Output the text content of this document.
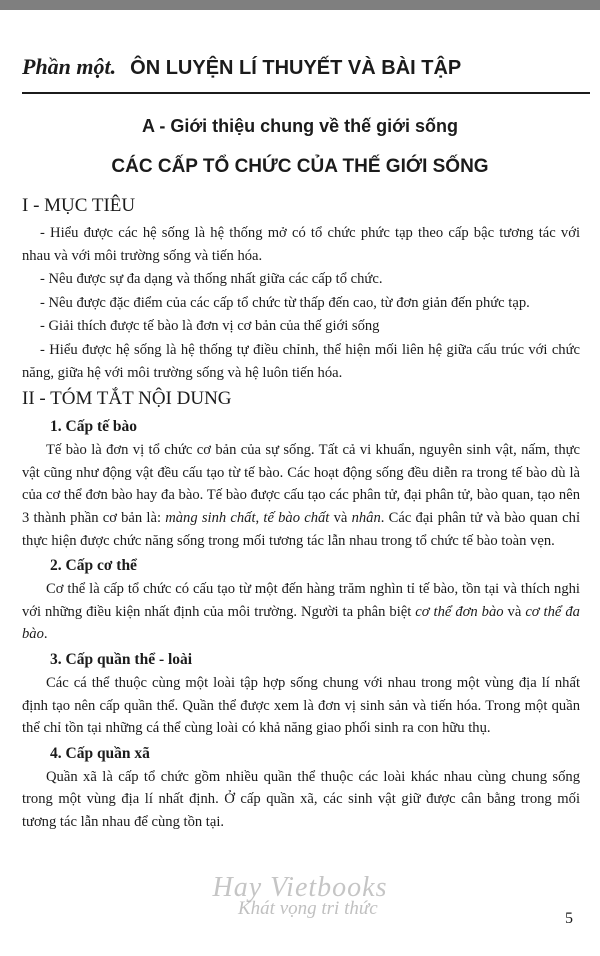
Phần một. ÔN LUYỆN LÍ THUYẾT VÀ BÀI TẬP
A - Giới thiệu chung về thế giới sống
CÁC CẤP TỔ CHỨC CỦA THẾ GIỚI SỐNG
I - MỤC TIÊU

- Hiểu được các hệ sống là hệ thống mở có tổ chức phức tạp theo cấp bậc tương tác với nhau và với môi trường sống và tiến hóa.

- Nêu được sự đa dạng và thống nhất giữa các cấp tổ chức.

- Nêu được đặc điểm của các cấp tổ chức từ thấp đến cao, từ đơn giản đến phức tạp.

- Giải thích được tế bào là đơn vị cơ bản của thế giới sống

- Hiểu được hệ sống là hệ thống tự điều chỉnh, thể hiện mối liên hệ giữa cấu trúc với chức năng, giữa hệ với môi trường sống và hệ luôn tiến hóa.

II - TÓM TẮT NỘI DUNG
1. Cấp tế bào

Tế bào là đơn vị tổ chức cơ bản của sự sống. Tất cả vi khuẩn, nguyên sinh vật, nấm, thực vật cũng như động vật đều cấu tạo từ tế bào. Các hoạt động sống đều diễn ra trong tế bào dù là của cơ thể đơn bào hay đa bào. Tế bào được cấu tạo các phân tử, đại phân tử, bào quan, tạo nên 3 thành phần cơ bản là: màng sinh chất, tế bào chất và nhân. Các đại phân tử và bào quan chỉ thực hiện được chức năng sống trong mối tương tác lẫn nhau trong tổ chức tế bào toàn vẹn.

2. Cấp cơ thể

Cơ thể là cấp tổ chức có cấu tạo từ một đến hàng trăm nghìn tỉ tế bào, tồn tại và thích nghi với những điều kiện nhất định của môi trường. Người ta phân biệt cơ thể đơn bào và cơ thể đa bào.

3. Cấp quần thể - loài

Các cá thể thuộc cùng một loài tập hợp sống chung với nhau trong một vùng địa lí nhất định tạo nên cấp quần thể. Quần thể được xem là đơn vị sinh sản và tiến hóa. Trong một quần thể chỉ tồn tại những cá thể cùng loài có khả năng giao phối sinh ra con hữu thụ.

4. Cấp quần xã

Quần xã là cấp tổ chức gồm nhiều quần thể thuộc các loài khác nhau cùng chung sống trong một vùng địa lí nhất định. Ở cấp quần xã, các sinh vật giữ được cân bằng trong mối tương tác lẫn nhau để cùng tồn tại.

Hay Vietbooks
Khát vọng tri thức	5
